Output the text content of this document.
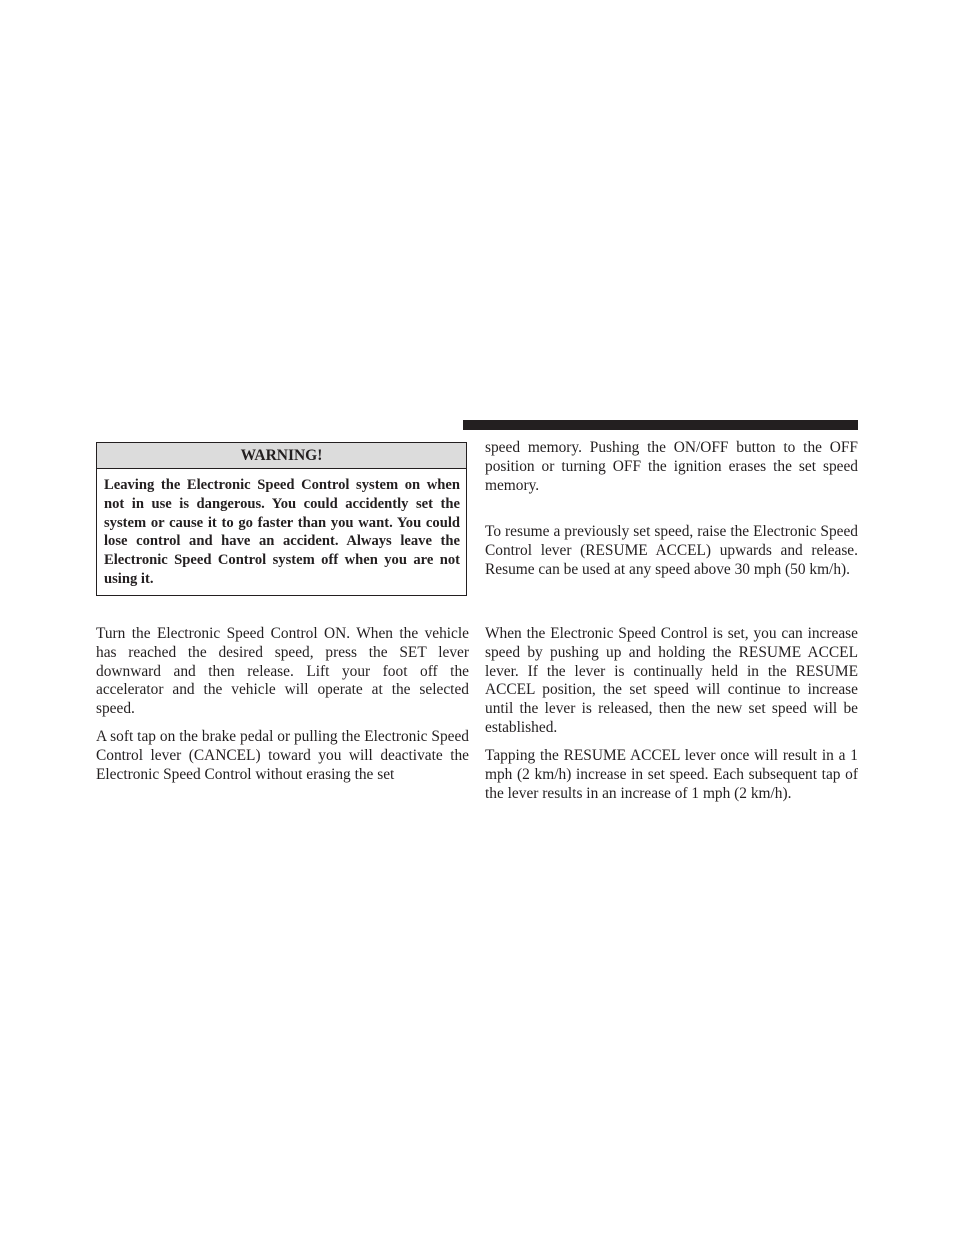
WARNING!
Leaving the Electronic Speed Control system on when not in use is dangerous. You could accidently set the system or cause it to go faster than you want. You could lose control and have an accident. Always leave the Electronic Speed Control system off when you are not using it.

Turn the Electronic Speed Control ON. When the vehicle has reached the desired speed, press the SET lever downward and then release. Lift your foot off the accelerator and the vehicle will operate at the selected speed.

A soft tap on the brake pedal or pulling the Electronic Speed Control lever (CANCEL) toward you will deactivate the Electronic Speed Control without erasing the set

speed memory. Pushing the ON/OFF button to the OFF position or turning OFF the ignition erases the set speed memory.

To resume a previously set speed, raise the Electronic Speed Control lever (RESUME ACCEL) upwards and release. Resume can be used at any speed above 30 mph (50 km/h).

When the Electronic Speed Control is set, you can increase speed by pushing up and holding the RESUME ACCEL lever. If the lever is continually held in the RESUME ACCEL position, the set speed will continue to increase until the lever is released, then the new set speed will be established.

Tapping the RESUME ACCEL lever once will result in a 1 mph (2 km/h) increase in set speed. Each subsequent tap of the lever results in an increase of 1 mph (2 km/h).
